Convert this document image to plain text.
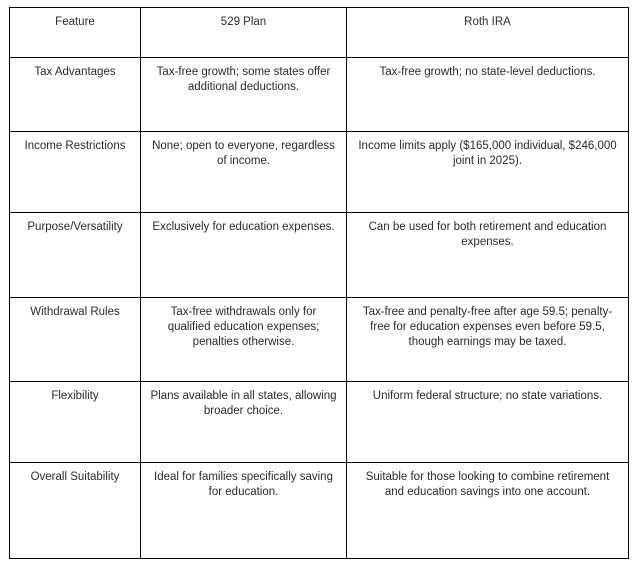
Feature	529 Plan	Roth IRA
Tax Advantages	Tax-free growth; some states offer additional deductions.	Tax-free growth; no state-level deductions.
Income Restrictions	None; open to everyone, regardless of income.	Income limits apply ($165,000 individual, $246,000 joint in 2025).
Purpose/Versatility	Exclusively for education expenses.	Can be used for both retirement and education expenses.
Withdrawal Rules	Tax-free withdrawals only for qualified education expenses; penalties otherwise.	Tax-free and penalty-free after age 59.5; penalty-free for education expenses even before 59.5, though earnings may be taxed.
Flexibility	Plans available in all states, allowing broader choice.	Uniform federal structure; no state variations.
Overall Suitability	Ideal for families specifically saving for education.	Suitable for those looking to combine retirement and education savings into one account.
